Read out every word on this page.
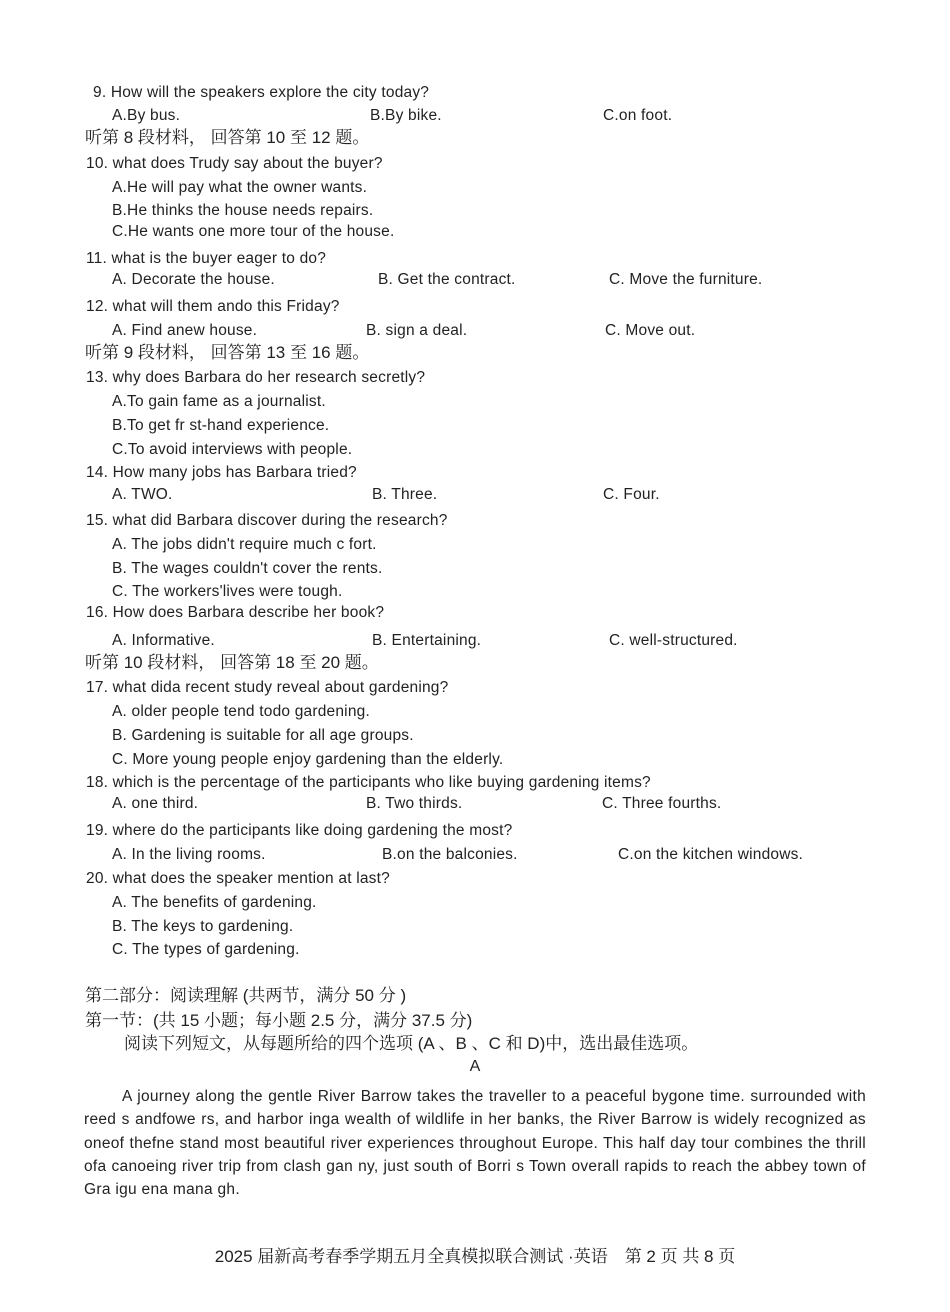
9. How will the speakers explore the city today?
A.By bus.	B.By bike.	C.on foot.
听第 8 段材料， 回答第 10 至 12 题。
10. what does Trudy say about the buyer?
A.He will pay what the owner wants.
B.He thinks the house needs repairs.
C.He wants one more tour of the house.
11. what is the buyer eager to do?
A. Decorate the house.	B. Get the contract.	C. Move the furniture.
12. what will them ando this Friday?
A. Find anew house.	B. sign a deal.	C. Move out.
听第 9 段材料， 回答第 13 至 16 题。
13. why does Barbara do her research secretly?
A.To gain fame as a journalist.
B.To get fr st-hand experience.
C.To avoid interviews with people.
14. How many jobs has Barbara tried?
A. TWO.	B. Three.	C. Four.
15. what did Barbara discover during the research?
A. The jobs didn't require much c fort.
B. The wages couldn't cover the rents.
C. The workers'lives were tough.
16. How does Barbara describe her book?
A. Informative.	B. Entertaining.	C. well-structured.
听第 10 段材料， 回答第 18 至 20 题。
17. what dida recent study reveal about gardening?
A. older people tend todo gardening.
B. Gardening is suitable for all age groups.
C. More young people enjoy gardening than the elderly.
18. which is the percentage of the participants who like buying gardening items?
A. one third.	B. Two thirds.	C. Three fourths.
19. where do the participants like doing gardening the most?
A. In the living rooms.	B.on the balconies.	C.on the kitchen windows.
20. what does the speaker mention at last?
A. The benefits of gardening.
B. The keys to gardening.
C. The types of gardening.
第二部分：阅读理解 (共两节，满分 50 分 )
第一节：(共 15 小题；每小题 2.5 分，满分 37.5 分)
阅读下列短文，从每题所给的四个选项 (A 、B 、C 和 D)中，选出最佳选项。
A
A journey along the gentle River Barrow takes the traveller to a peaceful bygone time. surrounded with reed s andfowe rs, and harbor inga wealth of wildlife in her banks, the River Barrow is widely recognized as oneof thefne stand most beautiful river experiences throughout Europe. This half day tour combines the thrill ofa canoeing river trip from clash gan ny, just south of Borri s Town overall rapids to reach the abbey town of Gra igu ena mana gh.
2025 届新高考春季学期五月全真模拟联合测试 ·英语　第 2 页 共 8 页
